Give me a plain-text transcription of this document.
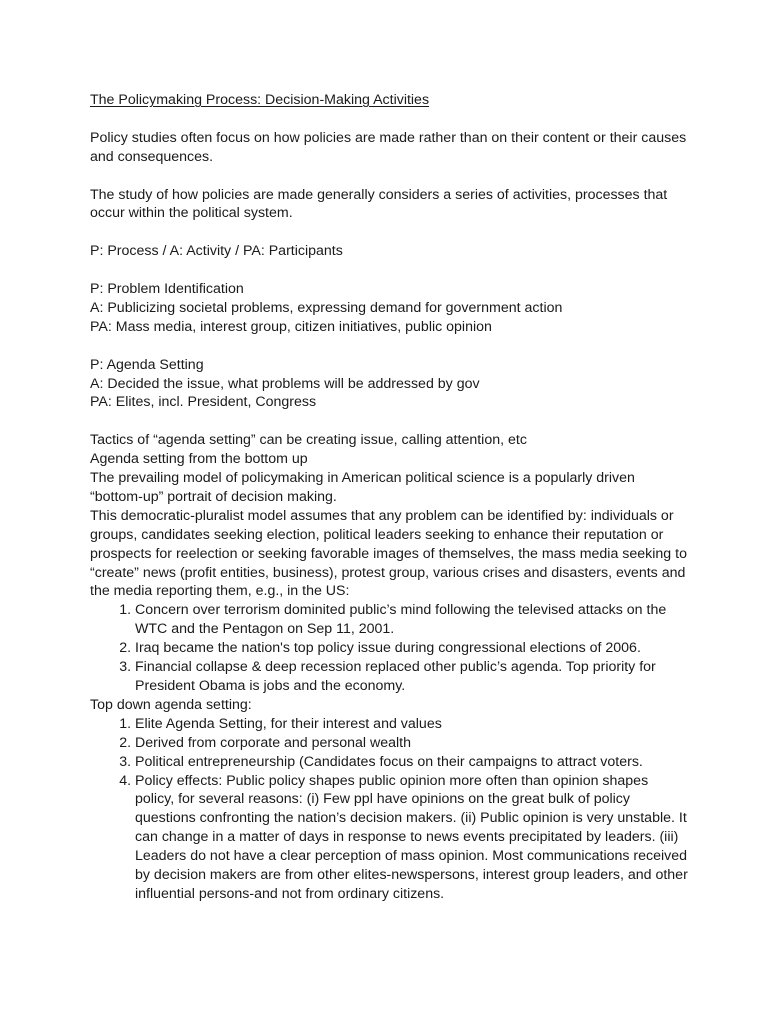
The Policymaking Process: Decision-Making Activities

Policy studies often focus on how policies are made rather than on their content or their causes and consequences.

The study of how policies are made generally considers a series of activities, processes that occur within the political system.

P: Process / A: Activity / PA: Participants

P: Problem Identification

A: Publicizing societal problems, expressing demand for government action

PA: Mass media, interest group, citizen initiatives, public opinion

P: Agenda Setting

A: Decided the issue, what problems will be addressed by gov

PA: Elites, incl. President, Congress

Tactics of “agenda setting” can be creating issue, calling attention, etc

Agenda setting from the bottom up

The prevailing model of policymaking in American political science is a popularly driven “bottom-up” portrait of decision making.

This democratic-pluralist model assumes that any problem can be identified by: individuals or groups, candidates seeking election, political leaders seeking to enhance their reputation or prospects for reelection or seeking favorable images of themselves, the mass media seeking to “create” news (profit entities, business), protest group, various crises and disasters, events and the media reporting them, e.g., in the US:

1. Concern over terrorism dominited public’s mind following the televised attacks on the WTC and the Pentagon on Sep 11, 2001.
2. Iraq became the nation's top policy issue during congressional elections of 2006.
3. Financial collapse & deep recession replaced other public’s agenda. Top priority for President Obama is jobs and the economy.

Top down agenda setting:

1. Elite Agenda Setting, for their interest and values
2. Derived from corporate and personal wealth
3. Political entrepreneurship (Candidates focus on their campaigns to attract voters.
4. Policy effects: Public policy shapes public opinion more often than opinion shapes policy, for several reasons: (i) Few ppl have opinions on the great bulk of policy questions confronting the nation’s decision makers. (ii) Public opinion is very unstable. It can change in a matter of days in response to news events precipitated by leaders. (iii) Leaders do not have a clear perception of mass opinion. Most communications received by decision makers are from other elites-newspersons, interest group leaders, and other influential persons-and not from ordinary citizens.
